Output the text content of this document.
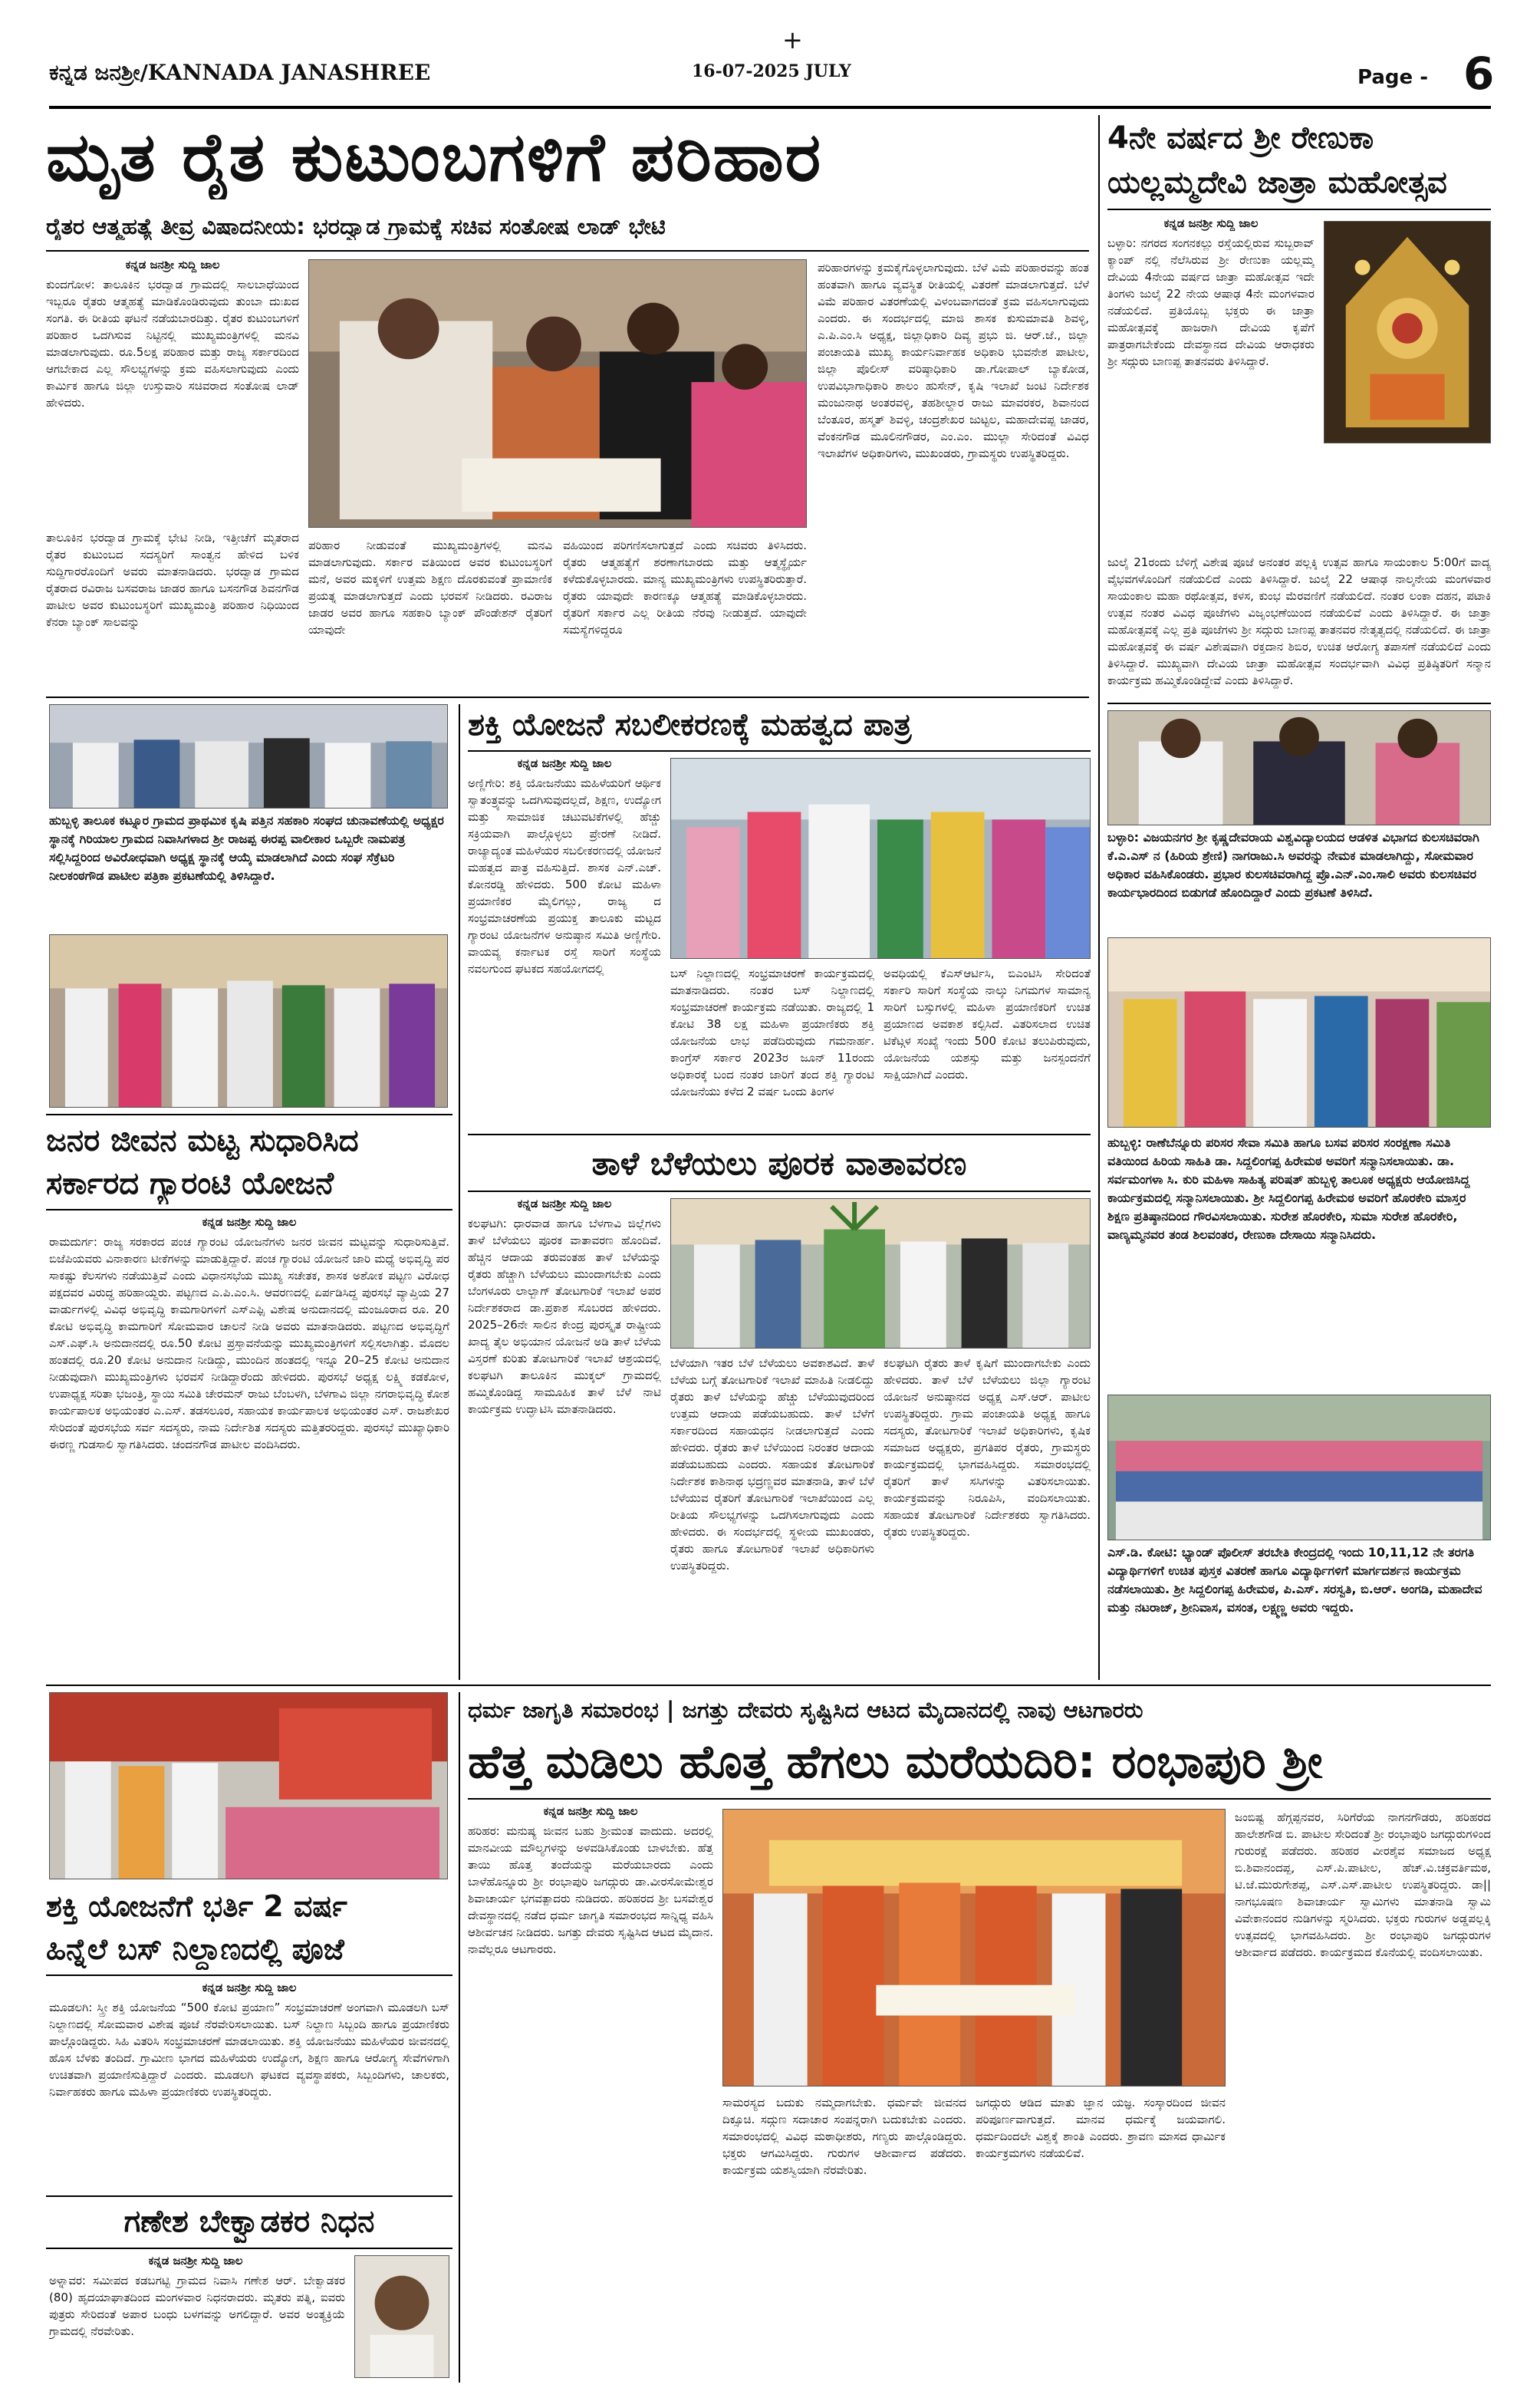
+
ಕನ್ನಡ ಜನಶ್ರೀ/KANNADA JANASHREE	16-07-2025 JULY	Page - 6
ಮೃತ ರೈತ ಕುಟುಂಬಗಳಿಗೆ ಪರಿಹಾರ
ರೈತರ ಆತ್ಮಹತ್ಯೆ ತೀವ್ರ ವಿಷಾದನೀಯ: ಭರದ್ವಾಡ ಗ್ರಾಮಕ್ಕೆ ಸಚಿವ ಸಂತೋಷ ಲಾಡ್ ಭೇಟಿ
ಕನ್ನಡ ಜನಶ್ರೀ ಸುದ್ದಿ ಜಾಲ
ಕುಂದಗೋಳ: ತಾಲೂಕಿನ ಭರದ್ವಾಡ ಗ್ರಾಮದಲ್ಲಿ ಸಾಲಬಾಧೆಯಿಂದ ಇಬ್ಬರೂ ರೈತರು ಆತ್ಮಹತ್ಯೆ ಮಾಡಿಕೊಂಡಿರುವುದು ತುಂಬಾ ದುಃಖದ ಸಂಗತಿ. ಈ ರೀತಿಯ ಘಟನೆ ನಡೆಯಬಾರದಿತ್ತು. ರೈತರ ಕುಟುಂಬಗಳಿಗೆ ಪರಿಹಾರ ಒದಗಿಸುವ ನಿಟ್ಟಿನಲ್ಲಿ ಮುಖ್ಯಮಂತ್ರಿಗಳಲ್ಲಿ ಮನವಿ ಮಾಡಲಾಗುವುದು. ರೂ.5ಲಕ್ಷ ಪರಿಹಾರ ಮತ್ತು ರಾಜ್ಯ ಸರ್ಕಾರದಿಂದ ಆಗಬೇಕಾದ ಎಲ್ಲ ಸೌಲಭ್ಯಗಳನ್ನು ಕ್ರಮ ವಹಿಸಲಾಗುವುದು ಎಂದು ಕಾರ್ಮಿಕ ಹಾಗೂ ಜಿಲ್ಲಾ ಉಸ್ತುವಾರಿ ಸಚಿವರಾದ ಸಂತೋಷ ಲಾಡ್ ಹೇಳಿದರು.
ತಾಲೂಕಿನ ಭರದ್ವಾಡ ಗ್ರಾಮಕ್ಕೆ ಭೇಟಿ ನೀಡಿ, ಇತ್ತೀಚೆಗೆ ಮೃತರಾದ ರೈತರ ಕುಟುಂಬದ ಸದಸ್ಯರಿಗೆ ಸಾಂತ್ವನ ಹೇಳಿದ ಬಳಿಕ ಸುದ್ದಿಗಾರರೊಂದಿಗೆ ಅವರು ಮಾತನಾಡಿದರು. ಭರದ್ವಾಡ ಗ್ರಾಮದ ರೈತರಾದ ರವಿರಾಜ ಬಸವರಾಜ ಜಾಡರ ಹಾಗೂ ಬಸನಗೌಡ ಶಿವನಗೌಡ ಪಾಟೀಲ ಅವರ ಕುಟುಂಬಸ್ಥರಿಗೆ ಮುಖ್ಯಮಂತ್ರಿ ಪರಿಹಾರ ನಿಧಿಯಿಂದ ಕೆನರಾ ಬ್ಯಾಂಕ್ ಸಾಲವನ್ನು
ಪರಿಹಾರ ನೀಡುವಂತೆ ಮುಖ್ಯಮಂತ್ರಿಗಳಲ್ಲಿ ಮನವಿ ಮಾಡಲಾಗುವುದು. ಸರ್ಕಾರ ವತಿಯಿಂದ ಅವರ ಕುಟುಂಬಸ್ಥರಿಗೆ ಮನೆ, ಅವರ ಮಕ್ಕಳಿಗೆ ಉತ್ತಮ ಶಿಕ್ಷಣ ದೊರಕುವಂತೆ ಪ್ರಾಮಾಣಿಕ ಪ್ರಯತ್ನ ಮಾಡಲಾಗುತ್ತದೆ ಎಂದು ಭರವಸೆ ನೀಡಿದರು. ರವಿರಾಜ ಜಾಡರ ಅವರ ಹಾಗೂ ಸಹಕಾರಿ ಬ್ಯಾಂಕ್ ಪೌಂಡೇಶನ್ ರೈತರಿಗೆ ಯಾವುದೇ
ವಹಿಯಿಂದ ಪರಿಗಣಿಸಲಾಗುತ್ತದೆ ಎಂದು ಸಚಿವರು ತಿಳಿಸಿದರು. ರೈತರು ಆತ್ಮಹತ್ಯೆಗೆ ಶರಣಾಗಬಾರದು ಮತ್ತು ಆತ್ಮಸ್ಥೈರ್ಯ ಕಳೆದುಕೊಳ್ಳಬಾರದು. ಮಾನ್ಯ ಮುಖ್ಯಮಂತ್ರಿಗಳು ಉಪಸ್ಥಿತರಿರುತ್ತಾರೆ. ರೈತರು ಯಾವುದೇ ಕಾರಣಕ್ಕೂ ಆತ್ಮಹತ್ಯೆ ಮಾಡಿಕೊಳ್ಳಬಾರದು. ರೈತರಿಗೆ ಸರ್ಕಾರ ಎಲ್ಲ ರೀತಿಯ ನೆರವು ನೀಡುತ್ತದೆ. ಯಾವುದೇ ಸಮಸ್ಯೆಗಳಿದ್ದರೂ
ಪರಿಹಾರಗಳನ್ನು ಕ್ರಮಕೈಗೊಳ್ಳಲಾಗುವುದು. ಬೆಳೆ ವಿಮೆ ಪರಿಹಾರವನ್ನು ಹಂತ ಹಂತವಾಗಿ ಹಾಗೂ ವ್ಯವಸ್ಥಿತ ರೀತಿಯಲ್ಲಿ ವಿತರಣೆ ಮಾಡಲಾಗುತ್ತದೆ. ಬೆಳೆ ವಿಮೆ ಪರಿಹಾರ ವಿತರಣೆಯಲ್ಲಿ ವಿಳಂಬವಾಗದಂತೆ ಕ್ರಮ ವಹಿಸಲಾಗುವುದು ಎಂದರು. ಈ ಸಂದರ್ಭದಲ್ಲಿ ಮಾಜಿ ಶಾಸಕ ಕುಸುಮಾವತಿ ಶಿವಳ್ಳಿ, ಎ.ಪಿ.ಎಂ.ಸಿ ಅಧ್ಯಕ್ಷ, ಜಿಲ್ಲಾಧಿಕಾರಿ ದಿವ್ಯ ಪ್ರಭು ಜಿ. ಆರ್.ಜೆ., ಜಿಲ್ಲಾ ಪಂಚಾಯತಿ ಮುಖ್ಯ ಕಾರ್ಯನಿರ್ವಾಹಕ ಅಧಿಕಾರಿ ಭುವನೇಶ ಪಾಟೀಲ, ಜಿಲ್ಲಾ ಪೊಲೀಸ್ ವರಿಷ್ಠಾಧಿಕಾರಿ ಡಾ.ಗೋಪಾಲ್ ಬ್ಯಾಕೋಡ, ಉಪವಿಭಾಗಾಧಿಕಾರಿ ಶಾಲಂ ಹುಸೇನ್, ಕೃಷಿ ಇಲಾಖೆ ಜಂಟಿ ನಿರ್ದೇಶಕ ಮಂಜುನಾಥ ಅಂತರವಳ್ಳಿ, ತಹಶೀಲ್ದಾರ ರಾಜು ಮಾವರಕರ, ಶಿವಾನಂದ ಬೆಂತೂರ, ಹಸ್ಮತ್ ಶಿವಳ್ಳಿ, ಚಂದ್ರಶೇಖರ ಜುಟ್ಟಲ, ಮಹಾದೇವಪ್ಪ ಜಾಡರ, ವೆಂಕನಗೌಡ ಮೂಲಿನಗೌಡರ, ಎಂ.ಎಂ. ಮುಲ್ಲಾ ಸೇರಿದಂತೆ ವಿವಿಧ ಇಲಾಖೆಗಳ ಅಧಿಕಾರಿಗಳು, ಮುಖಂಡರು, ಗ್ರಾಮಸ್ಥರು ಉಪಸ್ಥಿತರಿದ್ದರು.
4ನೇ ವರ್ಷದ ಶ್ರೀ ರೇಣುಕಾ
ಯಲ್ಲಮ್ಮದೇವಿ ಜಾತ್ರಾ ಮಹೋತ್ಸವ
ಕನ್ನಡ ಜನಶ್ರೀ ಸುದ್ದಿ ಜಾಲ
ಬಳ್ಳಾರಿ: ನಗರದ ಸಂಗನಕಲ್ಲು ರಸ್ತೆಯಲ್ಲಿರುವ ಸುಬ್ಬರಾವ್ ಕ್ಯಾಂಪ್ ನಲ್ಲಿ ನೆಲೆಸಿರುವ ಶ್ರೀ ರೇಣುಕಾ ಯಲ್ಲಮ್ಮ ದೇವಿಯ 4ನೇಯ ವರ್ಷದ ಜಾತ್ರಾ ಮಹೋತ್ಸವ ಇದೇ ತಿಂಗಳು ಜುಲೈ 22 ನೇಯ ಆಷಾಢ 4ನೇ ಮಂಗಳವಾರ ನಡೆಯಲಿದೆ. ಪ್ರತಿಯೊಬ್ಬ ಭಕ್ತರು ಈ ಜಾತ್ರಾ ಮಹೋತ್ಸವಕ್ಕೆ ಹಾಜರಾಗಿ ದೇವಿಯ ಕೃಪೆಗೆ ಪಾತ್ರರಾಗಬೇಕೆಂದು ದೇವಸ್ಥಾನದ ದೇವಿಯ ಆರಾಧಕರು ಶ್ರೀ ಸದ್ಗುರು ಬಾಣಪ್ಪ ತಾತನವರು ತಿಳಿಸಿದ್ದಾರೆ.
ಜುಲೈ 21ರಂದು ಬೆಳಿಗ್ಗೆ ವಿಶೇಷ ಪೂಜೆ ಅನಂತರ ಪಲ್ಲಕ್ಕಿ ಉತ್ಸವ ಹಾಗೂ ಸಾಯಂಕಾಲ 5:00ಗೆ ವಾದ್ಯ ವೈಭವಗಳೊಂದಿಗೆ ನಡೆಯಲಿದೆ ಎಂದು ತಿಳಿಸಿದ್ದಾರೆ. ಜುಲೈ 22 ಆಷಾಢ ನಾಲ್ಕನೇಯ ಮಂಗಳವಾರ ಸಾಯಂಕಾಲ ಮಹಾ ರಥೋತ್ಸವ, ಕಳಸ, ಕುಂಭ ಮೆರವಣಿಗೆ ನಡೆಯಲಿದೆ. ನಂತರ ಲಂಕಾ ದಹನ, ಪಟಾಕಿ ಉತ್ಸವ ನಂತರ ವಿವಿಧ ಪೂಜೆಗಳು ವಿಜೃಂಭಣೆಯಿಂದ ನಡೆಯಲಿವೆ ಎಂದು ತಿಳಿಸಿದ್ದಾರೆ. ಈ ಜಾತ್ರಾ ಮಹೋತ್ಸವಕ್ಕೆ ಎಲ್ಲ ಪ್ರತಿ ಪೂಜೆಗಳು ಶ್ರೀ ಸದ್ಗುರು ಬಾಣಪ್ಪ ತಾತನವರ ನೇತೃತ್ವದಲ್ಲಿ ನಡೆಯಲಿದೆ. ಈ ಜಾತ್ರಾ ಮಹೋತ್ಸವಕ್ಕೆ ಈ ವರ್ಷ ವಿಶೇಷವಾಗಿ ರಕ್ತದಾನ ಶಿಬಿರ, ಉಚಿತ ಆರೋಗ್ಯ ತಪಾಸಣೆ ನಡೆಯಲಿದೆ ಎಂದು ತಿಳಿಸಿದ್ದಾರೆ. ಮುಖ್ಯವಾಗಿ ದೇವಿಯ ಜಾತ್ರಾ ಮಹೋತ್ಸವ ಸಂದರ್ಭವಾಗಿ ವಿವಿಧ ಪ್ರತಿಷ್ಠಿತರಿಗೆ ಸನ್ಮಾನ ಕಾರ್ಯಕ್ರಮ ಹಮ್ಮಿಕೊಂಡಿದ್ದೇವೆ ಎಂದು ತಿಳಿಸಿದ್ದಾರೆ.
ಹುಬ್ಬಳ್ಳಿ ತಾಲೂಕ ಕಟ್ನೂರ ಗ್ರಾಮದ ಪ್ರಾಥಮಿಕ ಕೃಷಿ ಪತ್ತಿನ ಸಹಕಾರಿ ಸಂಘದ ಚುನಾವಣೆಯಲ್ಲಿ ಅಧ್ಯಕ್ಷರ ಸ್ಥಾನಕ್ಕೆ ಗಿರಿಯಾಲ ಗ್ರಾಮದ ನಿವಾಸಿಗಳಾದ ಶ್ರೀ ರಾಜಪ್ಪ ಈರಪ್ಪ ವಾಲೀಕಾರ ಒಬ್ಬರೇ ನಾಮಪತ್ರ ಸಲ್ಲಿಸಿದ್ದರಿಂದ ಅವಿರೋಧವಾಗಿ ಅಧ್ಯಕ್ಷ ಸ್ಥಾನಕ್ಕೆ ಆಯ್ಕೆ ಮಾಡಲಾಗಿದೆ ಎಂದು ಸಂಘ ಸೆಕ್ರೆಟರಿ ನೀಲಕಂಠಗೌಡ ಪಾಟೀಲ ಪತ್ರಿಕಾ ಪ್ರಕಟಣೆಯಲ್ಲಿ ತಿಳಿಸಿದ್ದಾರೆ.
ಜನರ ಜೀವನ ಮಟ್ಟ ಸುಧಾರಿಸಿದ
ಸರ್ಕಾರದ ಗ್ಯಾರಂಟಿ ಯೋಜನೆ
ಕನ್ನಡ ಜನಶ್ರೀ ಸುದ್ದಿ ಜಾಲ
ರಾಮದುರ್ಗ: ರಾಜ್ಯ ಸರಕಾರದ ಪಂಚ ಗ್ಯಾರಂಟಿ ಯೋಜನೆಗಳು ಜನರ ಜೀವನ ಮಟ್ಟವನ್ನು ಸುಧಾರಿಸುತ್ತಿವೆ. ಬಿಜೆಪಿಯವರು ವಿನಾಕಾರಣ ಟೀಕೆಗಳನ್ನು ಮಾಡುತ್ತಿದ್ದಾರೆ. ಪಂಚ ಗ್ಯಾರಂಟಿ ಯೋಜನೆ ಜಾರಿ ಮಧ್ಯೆ ಅಭಿವೃದ್ಧಿ ಪರ ಸಾಕಷ್ಟು ಕೆಲಸಗಳು ನಡೆಯುತ್ತಿವೆ ಎಂದು ವಿಧಾನಸಭೆಯ ಮುಖ್ಯ ಸಚೇತಕ, ಶಾಸಕ ಅಶೋಕ ಪಟ್ಟಣ ವಿರೋಧ ಪಕ್ಷದವರ ವಿರುದ್ಧ ಹರಿಹಾಯ್ದರು. ಪಟ್ಟಣದ ಎ.ಪಿ.ಎಂ.ಸಿ. ಆವರಣದಲ್ಲಿ ಏರ್ಪಡಿಸಿದ್ದ ಪುರಸಭೆ ವ್ಯಾಪ್ತಿಯ 27 ವಾರ್ಡುಗಳಲ್ಲಿ ವಿವಿಧ ಅಭಿವೃದ್ಧಿ ಕಾಮಗಾರಿಗಳಿಗೆ ಎಸ್ಎಫ್ಸಿ ವಿಶೇಷ ಅನುದಾನದಲ್ಲಿ ಮಂಜೂರಾದ ರೂ. 20 ಕೋಟಿ ಅಭಿವೃದ್ಧಿ ಕಾಮಗಾರಿಗೆ ಸೋಮವಾರ ಚಾಲನೆ ನೀಡಿ ಅವರು ಮಾತನಾಡಿದರು. ಪಟ್ಟಣದ ಅಭಿವೃದ್ಧಿಗೆ ಎಸ್.ಎಫ್.ಸಿ ಅನುದಾನದಲ್ಲಿ ರೂ.50 ಕೋಟಿ ಪ್ರಸ್ತಾವನೆಯನ್ನು ಮುಖ್ಯಮಂತ್ರಿಗಳಿಗೆ ಸಲ್ಲಿಸಲಾಗಿತ್ತು. ಮೊದಲ ಹಂತದಲ್ಲಿ ರೂ.20 ಕೋಟಿ ಅನುದಾನ ನೀಡಿದ್ದು, ಮುಂದಿನ ಹಂತದಲ್ಲಿ ಇನ್ನೂ 20–25 ಕೋಟಿ ಅನುದಾನ ನೀಡುವುದಾಗಿ ಮುಖ್ಯಮಂತ್ರಿಗಳು ಭರವಸೆ ನೀಡಿದ್ದಾರೆಂದು ಹೇಳಿದರು. ಪುರಸಭೆ ಅಧ್ಯಕ್ಷ ಲಕ್ಷ್ಮಿ ಕಡಕೋಳ, ಉಪಾಧ್ಯಕ್ಷ ಸರಿತಾ ಭಜಂತ್ರಿ, ಸ್ಥಾಯಿ ಸಮಿತಿ ಚೇರಮನ್ ರಾಜು ಬೆಂಬಳಗಿ, ಬೆಳಗಾವಿ ಜಿಲ್ಲಾ ನಗರಾಭಿವೃದ್ಧಿ ಕೋಶ ಕಾರ್ಯಪಾಲಕ ಅಭಿಯಂತರ ಎ.ಎಸ್. ತಡಸಲೂರ, ಸಹಾಯಕ ಕಾರ್ಯಪಾಲಕ ಅಭಿಯಂತರ ಎಸ್. ರಾಜಶೇಖರ ಸೇರಿದಂತೆ ಪುರಸಭೆಯ ಸರ್ವ ಸದಸ್ಯರು, ನಾಮ ನಿರ್ದೇಶಿತ ಸದಸ್ಯರು ಮತ್ತಿತರರಿದ್ದರು. ಪುರಸಭೆ ಮುಖ್ಯಾಧಿಕಾರಿ ಈರಣ್ಣ ಗುಡಸಾಲಿ ಸ್ವಾಗತಿಸಿದರು. ಚಂದನಗೌಡ ಪಾಟೀಲ ವಂದಿಸಿದರು.
ಶಕ್ತಿ ಯೋಜನೆ ಸಬಲೀಕರಣಕ್ಕೆ ಮಹತ್ವದ ಪಾತ್ರ
ಕನ್ನಡ ಜನಶ್ರೀ ಸುದ್ದಿ ಜಾಲ
ಅಣ್ಣಿಗೇರಿ: ಶಕ್ತಿ ಯೋಜನೆಯು ಮಹಿಳೆಯರಿಗೆ ಆರ್ಥಿಕ ಸ್ವಾತಂತ್ರ್ಯವನ್ನು ಒದಗಿಸುವುದಲ್ಲದೆ, ಶಿಕ್ಷಣ, ಉದ್ಯೋಗ ಮತ್ತು ಸಾಮಾಜಿಕ ಚಟುವಟಿಕೆಗಳಲ್ಲಿ ಹೆಚ್ಚು ಸಕ್ರಿಯವಾಗಿ ಪಾಲ್ಗೊಳ್ಳಲು ಪ್ರೇರಣೆ ನೀಡಿದೆ. ರಾಜ್ಯಾದ್ಯಂತ ಮಹಿಳೆಯರ ಸಬಲೀಕರಣದಲ್ಲಿ ಯೋಜನೆ ಮಹತ್ವದ ಪಾತ್ರ ವಹಿಸುತ್ತಿದೆ. ಶಾಸಕ ಎನ್.ಎಚ್. ಕೋನರಡ್ಡಿ ಹೇಳಿದರು. 500 ಕೋಟಿ ಮಹಿಳಾ ಪ್ರಯಾಣಿಕರ ಮೈಲಿಗಲ್ಲು, ರಾಜ್ಯ ದ ಸಂಭ್ರಮಾಚರಣೆಯ ಪ್ರಯುಕ್ತ ತಾಲೂಕು ಮಟ್ಟದ ಗ್ಯಾರಂಟಿ ಯೋಜನೆಗಳ ಅನುಷ್ಠಾನ ಸಮಿತಿ ಅಣ್ಣಿಗೇರಿ. ವಾಯವ್ಯ ಕರ್ನಾಟಕ ರಸ್ತೆ ಸಾರಿಗೆ ಸಂಸ್ಥೆಯ ನವಲಗುಂದ ಘಟಕದ ಸಹಯೋಗದಲ್ಲಿ	ಬಸ್ ನಿಲ್ದಾಣದಲ್ಲಿ ಸಂಭ್ರಮಾಚರಣೆ ಕಾರ್ಯಕ್ರಮದಲ್ಲಿ ಮಾತನಾಡಿದರು. ನಂತರ ಬಸ್ ನಿಲ್ದಾಣದಲ್ಲಿ ಸಂಭ್ರಮಾಚರಣೆ ಕಾರ್ಯಕ್ರಮ ನಡೆಯಿತು. ರಾಜ್ಯದಲ್ಲಿ 1 ಕೋಟಿ 38 ಲಕ್ಷ ಮಹಿಳಾ ಪ್ರಯಾಣಿಕರು ಶಕ್ತಿ ಯೋಜನೆಯ ಲಾಭ ಪಡೆದಿರುವುದು ಗಮನಾರ್ಹ. ಕಾಂಗ್ರೆಸ್ ಸರ್ಕಾರ 2023ರ ಜೂನ್ 11ರಂದು ಅಧಿಕಾರಕ್ಕೆ ಬಂದ ನಂತರ ಜಾರಿಗೆ ತಂದ ಶಕ್ತಿ ಗ್ಯಾರಂಟಿ ಯೋಜನೆಯು ಕಳೆದ 2 ವರ್ಷ ಒಂದು ತಿಂಗಳ
ಅವಧಿಯಲ್ಲಿ ಕೆಎಸ್ಆರ್ಟಿಸಿ, ಬಿಎಂಟಿಸಿ ಸೇರಿದಂತೆ ಸರ್ಕಾರಿ ಸಾರಿಗೆ ಸಂಸ್ಥೆಯ ನಾಲ್ಕು ನಿಗಮಗಳ ಸಾಮಾನ್ಯ ಸಾರಿಗೆ ಬಸ್ಸುಗಳಲ್ಲಿ ಮಹಿಳಾ ಪ್ರಯಾಣಿಕರಿಗೆ ಉಚಿತ ಪ್ರಯಾಣದ ಅವಕಾಶ ಕಲ್ಪಿಸಿದೆ. ವಿತರಿಸಲಾದ ಉಚಿತ ಟಿಕೆಟ್ಗಳ ಸಂಖ್ಯೆ ಇಂದು 500 ಕೋಟಿ ತಲುಪಿರುವುದು, ಯೋಜನೆಯ ಯಶಸ್ಸು ಮತ್ತು ಜನಸ್ಪಂದನೆಗೆ ಸಾಕ್ಷಿಯಾಗಿದೆ ಎಂದರು.
ತಾಳೆ ಬೆಳೆಯಲು ಪೂರಕ ವಾತಾವರಣ
ಕನ್ನಡ ಜನಶ್ರೀ ಸುದ್ದಿ ಜಾಲ
ಕಲಘಟಗಿ: ಧಾರವಾಡ ಹಾಗೂ ಬೆಳಗಾವಿ ಜಿಲ್ಲೆಗಳು ತಾಳೆ ಬೆಳೆಯಲು ಪೂರಕ ವಾತಾವರಣ ಹೊಂದಿವೆ. ಹೆಚ್ಚಿನ ಆದಾಯ ತರುವಂತಹ ತಾಳೆ ಬೆಳೆಯನ್ನು ರೈತರು ಹೆಚ್ಚಾಗಿ ಬೆಳೆಯಲು ಮುಂದಾಗಬೇಕು ಎಂದು ಬೆಂಗಳೂರು ಲಾಲ್ಬಾಗ್ ತೋಟಗಾರಿಕೆ ಇಲಾಖೆ ಅಪರ ನಿರ್ದೇಶಕರಾದ ಡಾ.ಪ್ರಕಾಶ ಸೊಬರದ ಹೇಳಿದರು. 2025–26ನೇ ಸಾಲಿನ ಕೇಂದ್ರ ಪುರಸ್ಕೃತ ರಾಷ್ಟ್ರೀಯ ಖಾದ್ಯ ತೈಲ ಅಭಿಯಾನ ಯೋಜನೆ ಅಡಿ ತಾಳೆ ಬೆಳೆಯ ವಿಸ್ತರಣೆ ಕುರಿತು ತೋಟಗಾರಿಕೆ ಇಲಾಖೆ ಆಶ್ರಯದಲ್ಲಿ ಕಲಘಟಗಿ ತಾಲೂಕಿನ ಮುಕ್ಕಲ್ ಗ್ರಾಮದಲ್ಲಿ ಹಮ್ಮಿಕೊಂಡಿದ್ದ ಸಾಮೂಹಿಕ ತಾಳೆ ಬೆಳೆ ನಾಟಿ ಕಾರ್ಯಕ್ರಮ ಉದ್ಘಾಟಿಸಿ ಮಾತನಾಡಿದರು.
ಬೆಳೆಯಾಗಿ ಇತರ ಬೆಳೆ ಬೆಳೆಯಲು ಅವಕಾಶವಿದೆ. ತಾಳೆ ಬೆಳೆಯ ಬಗ್ಗೆ ತೋಟಗಾರಿಕೆ ಇಲಾಖೆ ಮಾಹಿತಿ ನೀಡಲಿದ್ದು ರೈತರು ತಾಳೆ ಬೆಳೆಯನ್ನು ಹೆಚ್ಚು ಬೆಳೆಯುವುದರಿಂದ ಉತ್ತಮ ಆದಾಯ ಪಡೆಯಬಹುದು. ತಾಳೆ ಬೆಳೆಗೆ ಸರ್ಕಾರದಿಂದ ಸಹಾಯಧನ ನೀಡಲಾಗುತ್ತದೆ ಎಂದು ಹೇಳಿದರು. ರೈತರು ತಾಳೆ ಬೆಳೆಯಿಂದ ನಿರಂತರ ಆದಾಯ ಪಡೆಯಬಹುದು ಎಂದರು. ಸಹಾಯಕ ತೋಟಗಾರಿಕೆ ನಿರ್ದೇಶಕ ಕಾಶಿನಾಥ ಭದ್ರಣ್ಣವರ ಮಾತನಾಡಿ, ತಾಳೆ ಬೆಳೆ ಬೆಳೆಯುವ ರೈತರಿಗೆ ತೋಟಗಾರಿಕೆ ಇಲಾಖೆಯಿಂದ ಎಲ್ಲ ರೀತಿಯ ಸೌಲಭ್ಯಗಳನ್ನು ಒದಗಿಸಲಾಗುವುದು ಎಂದು ಹೇಳಿದರು. ಈ ಸಂದರ್ಭದಲ್ಲಿ ಸ್ಥಳೀಯ ಮುಖಂಡರು, ರೈತರು ಹಾಗೂ ತೋಟಗಾರಿಕೆ ಇಲಾಖೆ ಅಧಿಕಾರಿಗಳು ಉಪಸ್ಥಿತರಿದ್ದರು.
ಕಲಘಟಗಿ ರೈತರು ತಾಳೆ ಕೃಷಿಗೆ ಮುಂದಾಗಬೇಕು ಎಂದು ಹೇಳಿದರು. ತಾಳೆ ಬೆಳೆ ಬೆಳೆಯಲು ಜಿಲ್ಲಾ ಗ್ಯಾರಂಟಿ ಯೋಜನೆ ಅನುಷ್ಠಾನದ ಅಧ್ಯಕ್ಷ ಎಸ್.ಆರ್. ಪಾಟೀಲ ಉಪಸ್ಥಿತರಿದ್ದರು. ಗ್ರಾಮ ಪಂಚಾಯತಿ ಅಧ್ಯಕ್ಷ ಹಾಗೂ ಸದಸ್ಯರು, ತೋಟಗಾರಿಕೆ ಇಲಾಖೆ ಅಧಿಕಾರಿಗಳು, ಕೃಷಿಕ ಸಮಾಜದ ಅಧ್ಯಕ್ಷರು, ಪ್ರಗತಿಪರ ರೈತರು, ಗ್ರಾಮಸ್ಥರು ಕಾರ್ಯಕ್ರಮದಲ್ಲಿ ಭಾಗವಹಿಸಿದ್ದರು. ಸಮಾರಂಭದಲ್ಲಿ ರೈತರಿಗೆ ತಾಳೆ ಸಸಿಗಳನ್ನು ವಿತರಿಸಲಾಯಿತು. ಕಾರ್ಯಕ್ರಮವನ್ನು ನಿರೂಪಿಸಿ, ವಂದಿಸಲಾಯಿತು. ಸಹಾಯಕ ತೋಟಗಾರಿಕೆ ನಿರ್ದೇಶಕರು ಸ್ವಾಗತಿಸಿದರು. ರೈತರು ಉಪಸ್ಥಿತರಿದ್ದರು.
ಬಳ್ಳಾರಿ: ವಿಜಯನಗರ ಶ್ರೀ ಕೃಷ್ಣದೇವರಾಯ ವಿಶ್ವವಿದ್ಯಾಲಯದ ಆಡಳಿತ ವಿಭಾಗದ ಕುಲಸಚಿವರಾಗಿ ಕೆ.ಎ.ಎಸ್ ನ (ಹಿರಿಯ ಶ್ರೇಣಿ) ನಾಗರಾಜು.ಸಿ ಅವರನ್ನು ನೇಮಕ ಮಾಡಲಾಗಿದ್ದು, ಸೋಮವಾರ ಅಧಿಕಾರ ವಹಿಸಿಕೊಂಡರು. ಪ್ರಭಾರ ಕುಲಸಚಿವರಾಗಿದ್ದ ಪ್ರೊ.ಎನ್.ಎಂ.ಸಾಲಿ ಅವರು ಕುಲಸಚಿವರ ಕಾರ್ಯಭಾರದಿಂದ ಬಿಡುಗಡೆ ಹೊಂದಿದ್ದಾರೆ ಎಂದು ಪ್ರಕಟಣೆ ತಿಳಿಸಿದೆ.
ಹುಬ್ಬಳ್ಳಿ: ರಾಣೆಬೆನ್ನೂರು ಪರಿಸರ ಸೇವಾ ಸಮಿತಿ ಹಾಗೂ ಬಸವ ಪರಿಸರ ಸಂರಕ್ಷಣಾ ಸಮಿತಿ ವತಿಯಿಂದ ಹಿರಿಯ ಸಾಹಿತಿ ಡಾ. ಸಿದ್ದಲಿಂಗಪ್ಪ ಹಿರೇಮಠ ಅವರಿಗೆ ಸನ್ಮಾನಿಸಲಾಯಿತು. ಡಾ. ಸರ್ವಮಂಗಳಾ ಸಿ. ಕುರಿ ಮಹಿಳಾ ಸಾಹಿತ್ಯ ಪರಿಷತ್ ಹುಬ್ಬಳ್ಳಿ ತಾಲೂಕ ಅಧ್ಯಕ್ಷರು ಆಯೋಜಿಸಿದ್ದ ಕಾರ್ಯಕ್ರಮದಲ್ಲಿ ಸನ್ಮಾನಿಸಲಾಯಿತು. ಶ್ರೀ ಸಿದ್ದಲಿಂಗಪ್ಪ ಹಿರೇಮಠ ಅವರಿಗೆ ಹೊರಕೇರಿ ಮಾಸ್ತರ ಶಿಕ್ಷಣ ಪ್ರತಿಷ್ಠಾನದಿಂದ ಗೌರವಿಸಲಾಯಿತು. ಸುರೇಶ ಹೊರಕೇರಿ, ಸುಮಾ ಸುರೇಶ ಹೊರಕೇರಿ, ವಾಣ್ಯಮ್ಮನವರ ತಂಡ ಶಿಲವಂತರ, ರೇಣುಕಾ ದೇಸಾಯಿ ಸನ್ಮಾನಿಸಿದರು.
ಎಸ್.ಡಿ. ಕೋಟಿ: ಭ್ಯಾಂಡ್ ಪೊಲೀಸ್ ತರಬೇತಿ ಕೇಂದ್ರದಲ್ಲಿ ಇಂದು 10,11,12 ನೇ ತರಗತಿ ವಿದ್ಯಾರ್ಥಿಗಳಿಗೆ ಉಚಿತ ಪುಸ್ತಕ ವಿತರಣೆ ಹಾಗೂ ವಿದ್ಯಾರ್ಥಿಗಳಿಗೆ ಮಾರ್ಗದರ್ಶನ ಕಾರ್ಯಕ್ರಮ ನಡೆಸಲಾಯಿತು. ಶ್ರೀ ಸಿದ್ದಲಿಂಗಪ್ಪ ಹಿರೇಮಠ, ಪಿ.ಎಸ್. ಸರಸ್ವತಿ, ಬಿ.ಆರ್. ಅಂಗಡಿ, ಮಹಾದೇವ ಮತ್ತು ನಟರಾಜ್, ಶ್ರೀನಿವಾಸ, ವಸಂತ, ಲಕ್ಷ್ಮಣ್ಣ ಅವರು ಇದ್ದರು.
ಶಕ್ತಿ ಯೋಜನೆಗೆ ಭರ್ತಿ 2 ವರ್ಷ
ಹಿನ್ನೆಲೆ ಬಸ್ ನಿಲ್ದಾಣದಲ್ಲಿ ಪೂಜೆ
ಕನ್ನಡ ಜನಶ್ರೀ ಸುದ್ದಿ ಜಾಲ
ಮೂಡಲಗಿ: ಸ್ತ್ರೀ ಶಕ್ತಿ ಯೋಜನೆಯ “500 ಕೋಟಿ ಪ್ರಯಾಣ” ಸಂಭ್ರಮಾಚರಣೆ ಅಂಗವಾಗಿ ಮೂಡಲಗಿ ಬಸ್ ನಿಲ್ದಾಣದಲ್ಲಿ ಸೋಮವಾರ ವಿಶೇಷ ಪೂಜೆ ನೆರವೇರಿಸಲಾಯಿತು. ಬಸ್ ನಿಲ್ದಾಣ ಸಿಬ್ಬಂದಿ ಹಾಗೂ ಪ್ರಯಾಣಿಕರು ಪಾಲ್ಗೊಂಡಿದ್ದರು. ಸಿಹಿ ವಿತರಿಸಿ ಸಂಭ್ರಮಾಚರಣೆ ಮಾಡಲಾಯಿತು. ಶಕ್ತಿ ಯೋಜನೆಯು ಮಹಿಳೆಯರ ಜೀವನದಲ್ಲಿ ಹೊಸ ಬೆಳಕು ತಂದಿದೆ. ಗ್ರಾಮೀಣ ಭಾಗದ ಮಹಿಳೆಯರು ಉದ್ಯೋಗ, ಶಿಕ್ಷಣ ಹಾಗೂ ಆರೋಗ್ಯ ಸೇವೆಗಳಿಗಾಗಿ ಉಚಿತವಾಗಿ ಪ್ರಯಾಣಿಸುತ್ತಿದ್ದಾರೆ ಎಂದರು. ಮೂಡಲಗಿ ಘಟಕದ ವ್ಯವಸ್ಥಾಪಕರು, ಸಿಬ್ಬಂದಿಗಳು, ಚಾಲಕರು, ನಿರ್ವಾಹಕರು ಹಾಗೂ ಮಹಿಳಾ ಪ್ರಯಾಣಿಕರು ಉಪಸ್ಥಿತರಿದ್ದರು.
ಗಣೇಶ ಬೇಕ್ವಾಡಕರ ನಿಧನ
ಕನ್ನಡ ಜನಶ್ರೀ ಸುದ್ದಿ ಜಾಲ
ಅಳ್ನಾವರ: ಸಮೀಪದ ಕಡಬಗಟ್ಟಿ ಗ್ರಾಮದ ನಿವಾಸಿ ಗಣೇಶ ಆರ್. ಬೇಕ್ವಾಡಕರ (80) ಹೃದಯಾಘಾತದಿಂದ ಮಂಗಳವಾರ ನಿಧನರಾದರು. ಮೃತರು ಪತ್ನಿ, ಐವರು ಪುತ್ರರು ಸೇರಿದಂತೆ ಅಪಾರ ಬಂಧು ಬಳಗವನ್ನು ಅಗಲಿದ್ದಾರೆ. ಅವರ ಅಂತ್ಯಕ್ರಿಯೆ ಗ್ರಾಮದಲ್ಲಿ ನೆರವೇರಿತು.
ಧರ್ಮ ಜಾಗೃತಿ ಸಮಾರಂಭ | ಜಗತ್ತು ದೇವರು ಸೃಷ್ಟಿಸಿದ ಆಟದ ಮೈದಾನದಲ್ಲಿ ನಾವು ಆಟಗಾರರು
ಹೆತ್ತ ಮಡಿಲು ಹೊತ್ತ ಹೆಗಲು ಮರೆಯದಿರಿ: ರಂಭಾಪುರಿ ಶ್ರೀ
ಕನ್ನಡ ಜನಶ್ರೀ ಸುದ್ದಿ ಜಾಲ
ಹರಿಹರ: ಮನುಷ್ಯ ಜೀವನ ಬಹು ಶ್ರೀಮಂತ ವಾದುದು. ಅದರಲ್ಲಿ ಮಾನವೀಯ ಮೌಲ್ಯಗಳನ್ನು ಅಳವಡಿಸಿಕೊಂಡು ಬಾಳಬೇಕು. ಹೆತ್ತ ತಾಯಿ ಹೊತ್ತ ತಂದೆಯನ್ನು ಮರೆಯಬಾರದು ಎಂದು ಬಾಳೆಹೊನ್ನೂರು ಶ್ರೀ ರಂಭಾಪುರಿ ಜಗದ್ಗುರು ಡಾ.ವೀರಸೋಮೇಶ್ವರ ಶಿವಾಚಾರ್ಯ ಭಗವತ್ಪಾದರು ನುಡಿದರು. ಹರಿಹರದ ಶ್ರೀ ಬಸವೇಶ್ವರ ದೇವಸ್ಥಾನದಲ್ಲಿ ನಡೆದ ಧರ್ಮ ಜಾಗೃತಿ ಸಮಾರಂಭದ ಸಾನ್ನಿಧ್ಯ ವಹಿಸಿ ಆಶೀರ್ವಚನ ನೀಡಿದರು. ಜಗತ್ತು ದೇವರು ಸೃಷ್ಟಿಸಿದ ಆಟದ ಮೈದಾನ. ನಾವೆಲ್ಲರೂ ಆಟಗಾರರು.
ಸಾಮರಸ್ಯದ ಬದುಕು ನಮ್ಮದಾಗಬೇಕು. ಧರ್ಮವೇ ಜೀವನದ ದಿಕ್ಸೂಚಿ. ಸದ್ಗುಣ ಸದಾಚಾರ ಸಂಪನ್ನರಾಗಿ ಬದುಕಬೇಕು ಎಂದರು. ಸಮಾರಂಭದಲ್ಲಿ ವಿವಿಧ ಮಠಾಧೀಶರು, ಗಣ್ಯರು ಪಾಲ್ಗೊಂಡಿದ್ದರು. ಭಕ್ತರು ಆಗಮಿಸಿದ್ದರು. ಗುರುಗಳ ಆಶೀರ್ವಾದ ಪಡೆದರು. ಕಾರ್ಯಕ್ರಮ ಯಶಸ್ವಿಯಾಗಿ ನೆರವೇರಿತು.
ಜಗದ್ಗುರು ಆಡಿದ ಮಾತು ಜ್ಞಾನ ಯಜ್ಞ. ಸಂಸ್ಕಾರದಿಂದ ಜೀವನ ಪರಿಪೂರ್ಣವಾಗುತ್ತದೆ. ಮಾನವ ಧರ್ಮಕ್ಕೆ ಜಯವಾಗಲಿ. ಧರ್ಮದಿಂದಲೇ ವಿಶ್ವಕ್ಕೆ ಶಾಂತಿ ಎಂದರು. ಶ್ರಾವಣ ಮಾಸದ ಧಾರ್ಮಿಕ ಕಾರ್ಯಕ್ರಮಗಳು ನಡೆಯಲಿವೆ.
ಜಂಬಿಷ್ಟ ಹೆಗ್ಗಪ್ಪನವರ, ಸಿರಿಗೆರೆಯ ನಾಗನಗೌಡರು, ಹರಿಹರದ ಹಾಲೇಶಗೌಡ ಬಿ. ಪಾಟೀಲ ಸೇರಿದಂತೆ ಶ್ರೀ ರಂಭಾಪುರಿ ಜಗದ್ಗುರುಗಳಿಂದ ಗುರುರಕ್ಷೆ ಪಡೆದರು. ಹರಿಹರ ವೀರಶೈವ ಸಮಾಜದ ಅಧ್ಯಕ್ಷ ಬಿ.ಶಿವಾನಂದಪ್ಪ, ಎಸ್.ಪಿ.ಪಾಟೀಲ, ಹೆಚ್.ವಿ.ಚಕ್ರವರ್ತಿಮಠ, ಟಿ.ಜೆ.ಮುರುಗೇಶಪ್ಪ, ಎಸ್.ಎಸ್.ಪಾಟೀಲ ಉಪಸ್ಥಿತರಿದ್ದರು. ಡಾ|| ನಾಗಭೂಷಣ ಶಿವಾಚಾರ್ಯ ಸ್ವಾಮಿಗಳು ಮಾತನಾಡಿ ಸ್ವಾಮಿ ವಿವೇಕಾನಂದರ ನುಡಿಗಳನ್ನು ಸ್ಮರಿಸಿದರು. ಭಕ್ತರು ಗುರುಗಳ ಅಡ್ಡಪಲ್ಲಕ್ಕಿ ಉತ್ಸವದಲ್ಲಿ ಭಾಗವಹಿಸಿದರು. ಶ್ರೀ ರಂಭಾಪುರಿ ಜಗದ್ಗುರುಗಳ ಆಶೀರ್ವಾದ ಪಡೆದರು. ಕಾರ್ಯಕ್ರಮದ ಕೊನೆಯಲ್ಲಿ ವಂದಿಸಲಾಯಿತು.
